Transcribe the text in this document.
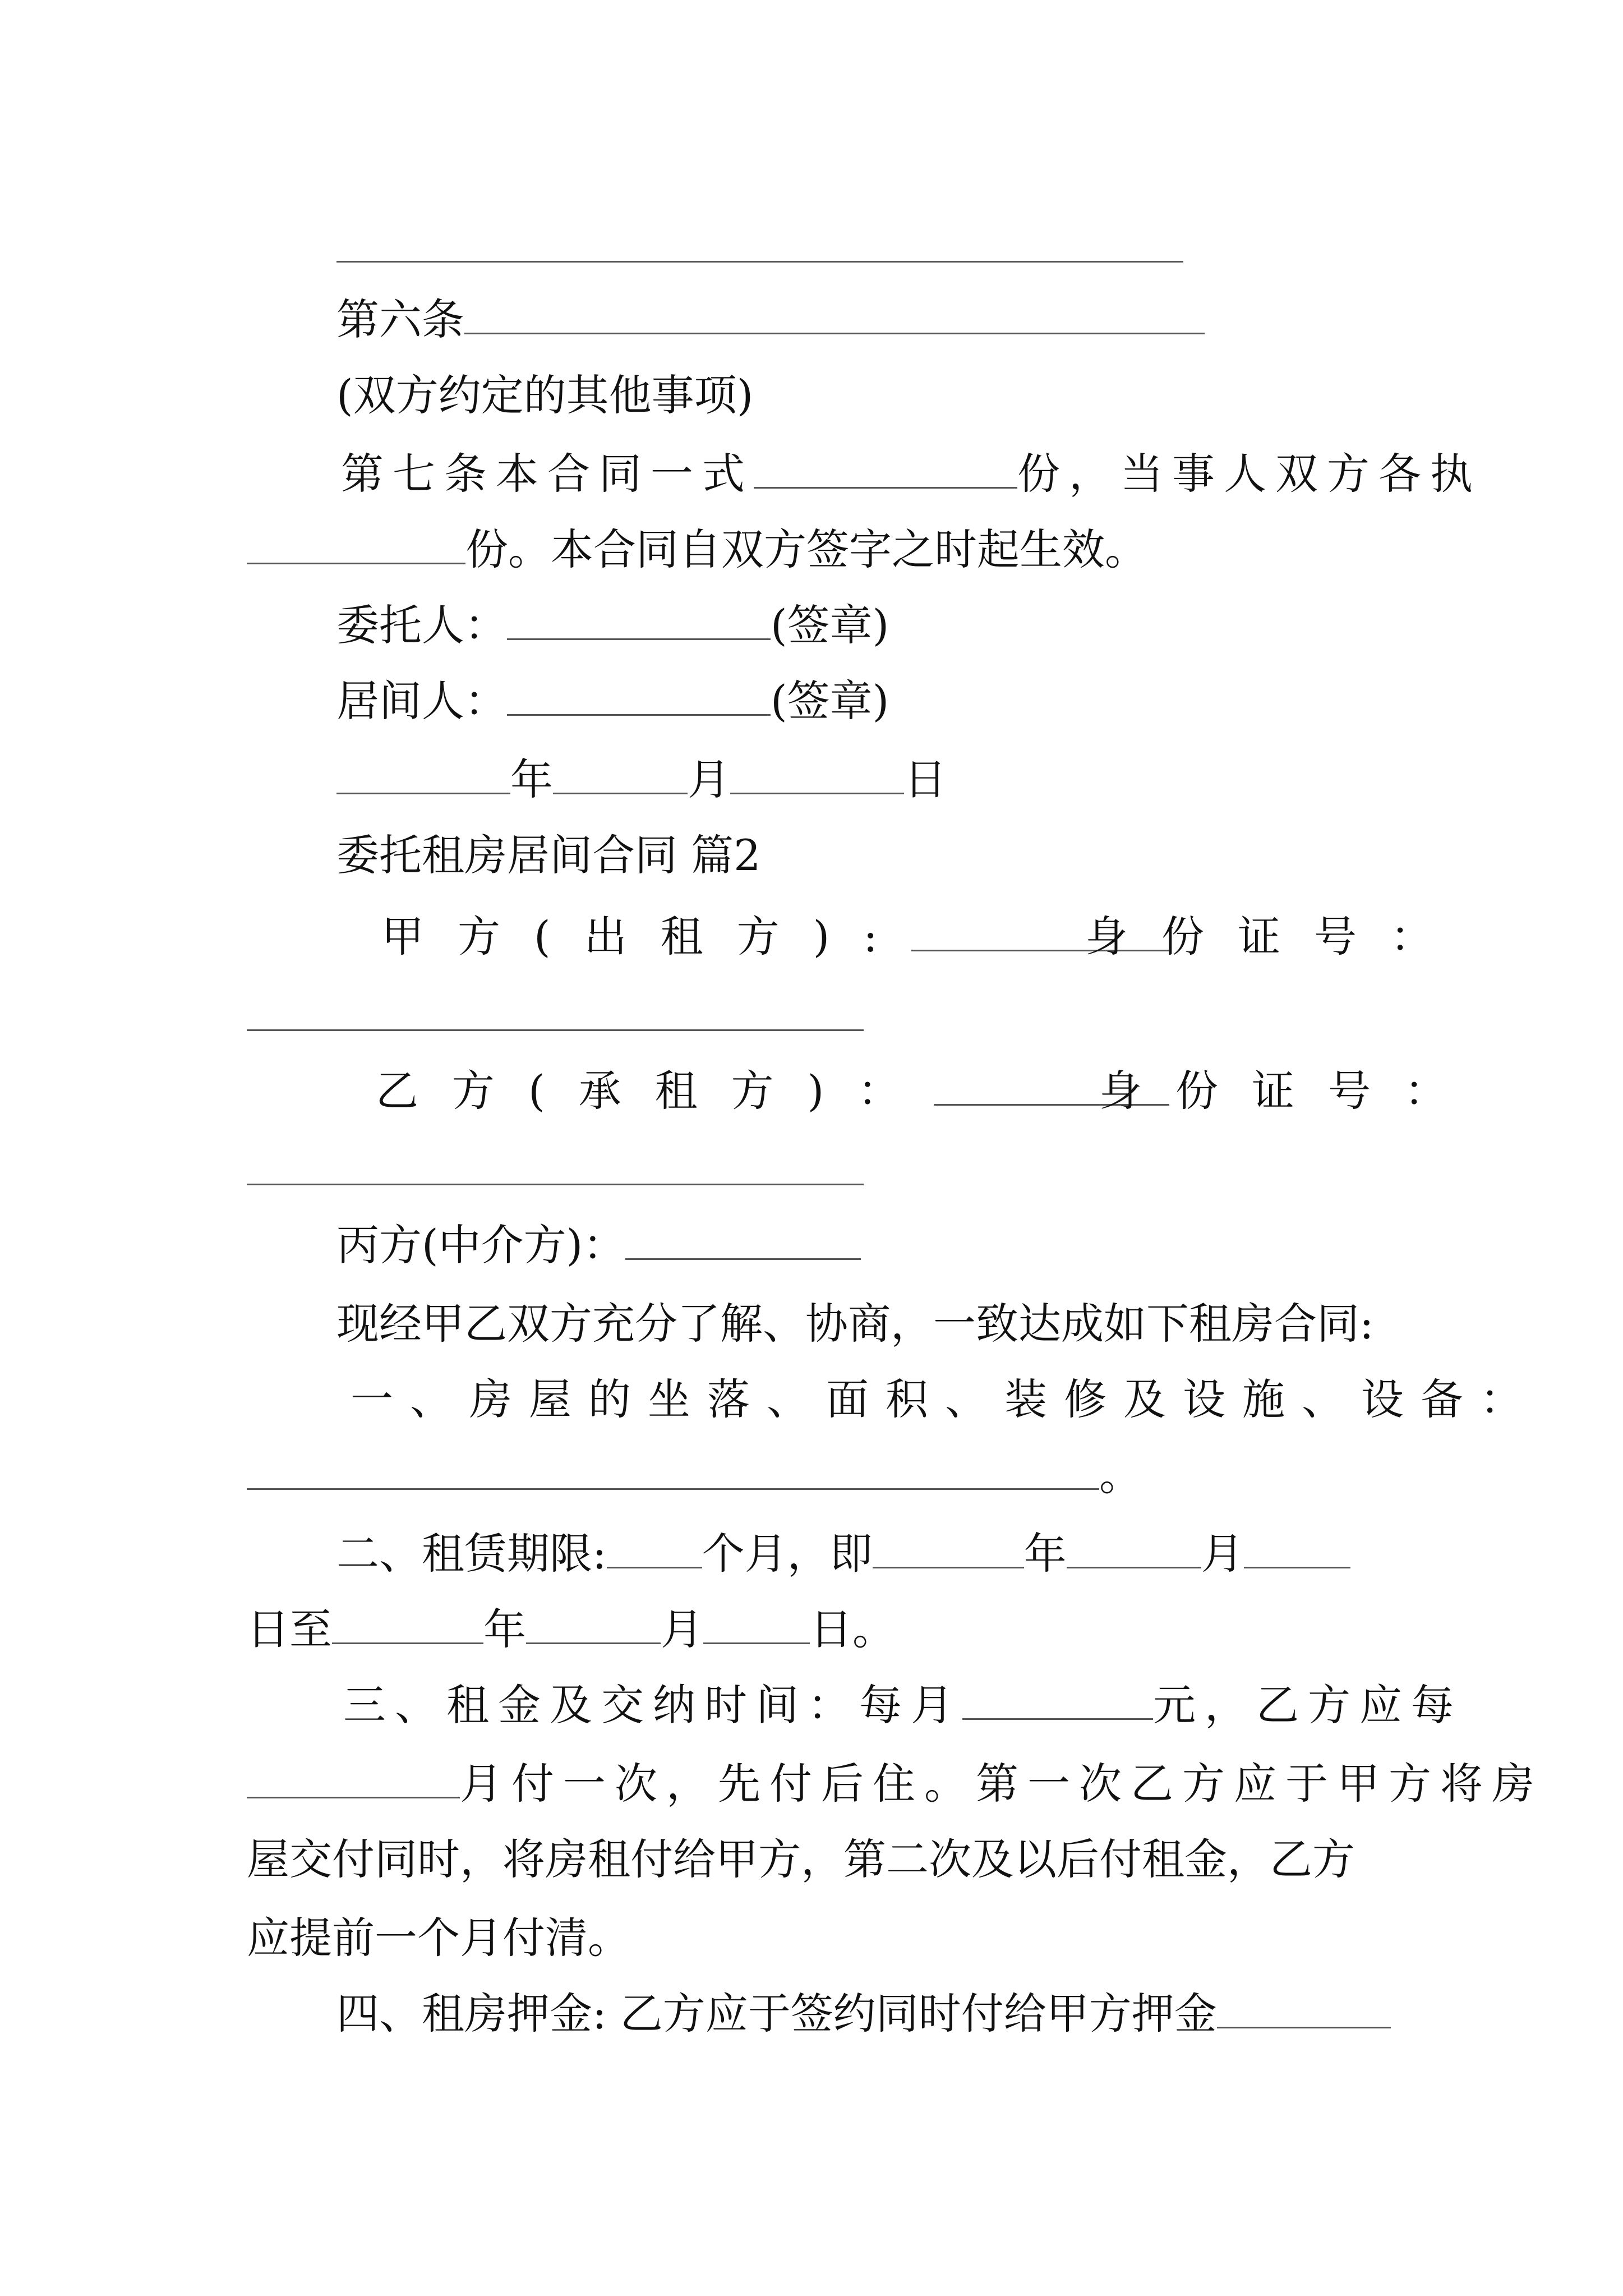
第六条
(双方约定的其他事项)
第七条本合同一式	份，当事人双方各执
份。本合同自双方签字之时起生效。
委托人：	(签章)
居间人：	(签章)
年	月	日
委托租房居间合同 篇2
甲方(出租方):	身份证号：
乙方(承租方)：	身份证号：
丙方(中介方)：
现经甲乙双方充分了解、协商，一致达成如下租房合同:
一、房屋的坐落、面积、装修及设施、设备：
。
二、租赁期限: 个月，即	年	月
日至	年	月	日。
三、租金及交纳时间：每月	元，乙方应每
月付一次，先付后住。第一次乙方应于甲方将房
屋交付同时，将房租付给甲方，第二次及以后付租金，乙方
应提前一个月付清。
四、租房押金: 乙方应于签约同时付给甲方押金
